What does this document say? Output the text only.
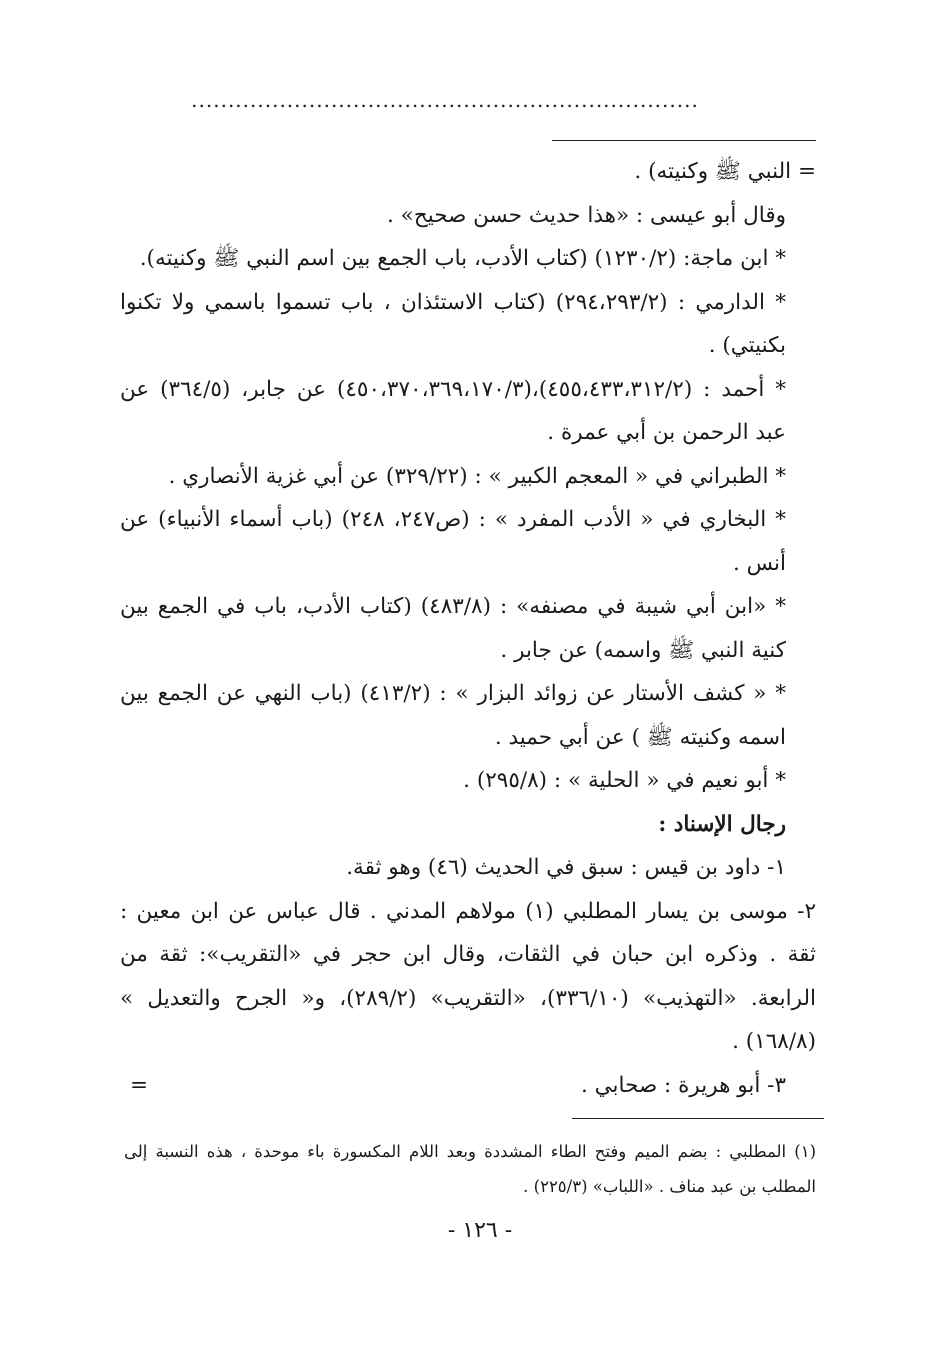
.....................................................................

= النبي ﷺ وكنيته) .

وقال أبو عيسى : «هذا حديث حسن صحيح» .

* ابن ماجة: (١٢٣٠/٢) (كتاب الأدب، باب الجمع بين اسم النبي ﷺ وكنيته).

* الدارمي : (٢٩٤،٢٩٣/٢) (كتاب الاستئذان ، باب تسموا باسمي ولا تكنوا بكنيتي) .

* أحمد : (٤٥٥،٤٣٣،٣١٢/٢)،(٤٥٠،٣٧٠،٣٦٩،١٧٠/٣) عن جابر، (٣٦٤/٥) عن عبد الرحمن بن أبي عمرة .

* الطبراني في « المعجم الكبير » : (٣٢٩/٢٢) عن أبي غزية الأنصاري .

* البخاري في « الأدب المفرد » : (ص٢٤٧، ٢٤٨) (باب أسماء الأنبياء) عن أنس .

* «ابن أبي شيبة في مصنفه» : (٤٨٣/٨) (كتاب الأدب، باب في الجمع بين كنية النبي ﷺ واسمه) عن جابر .

* « كشف الأستار عن زوائد البزار » : (٤١٣/٢) (باب النهي عن الجمع بين اسمه وكنيته ﷺ ) عن أبي حميد .

* أبو نعيم في « الحلية » : (٢٩٥/٨) .

رجال الإسناد :

١- داود بن قيس : سبق في الحديث (٤٦) وهو ثقة.

٢- موسى بن يسار المطلبي (١) مولاهم المدني . قال عباس عن ابن معين : ثقة . وذكره ابن حبان في الثقات، وقال ابن حجر في «التقريب»: ثقة من الرابعة. «التهذيب» (٣٣٦/١٠)، «التقريب» (٢٨٩/٢)، و« الجرح والتعديل » (١٦٨/٨) .

٣- أبو هريرة : صحابي .
=

(١) المطلبي : بضم الميم وفتح الطاء المشددة وبعد اللام المكسورة باء موحدة ، هذه النسبة إلى المطلب بن عبد مناف . «اللباب» (٢٢٥/٣) .

- ١٢٦ -
